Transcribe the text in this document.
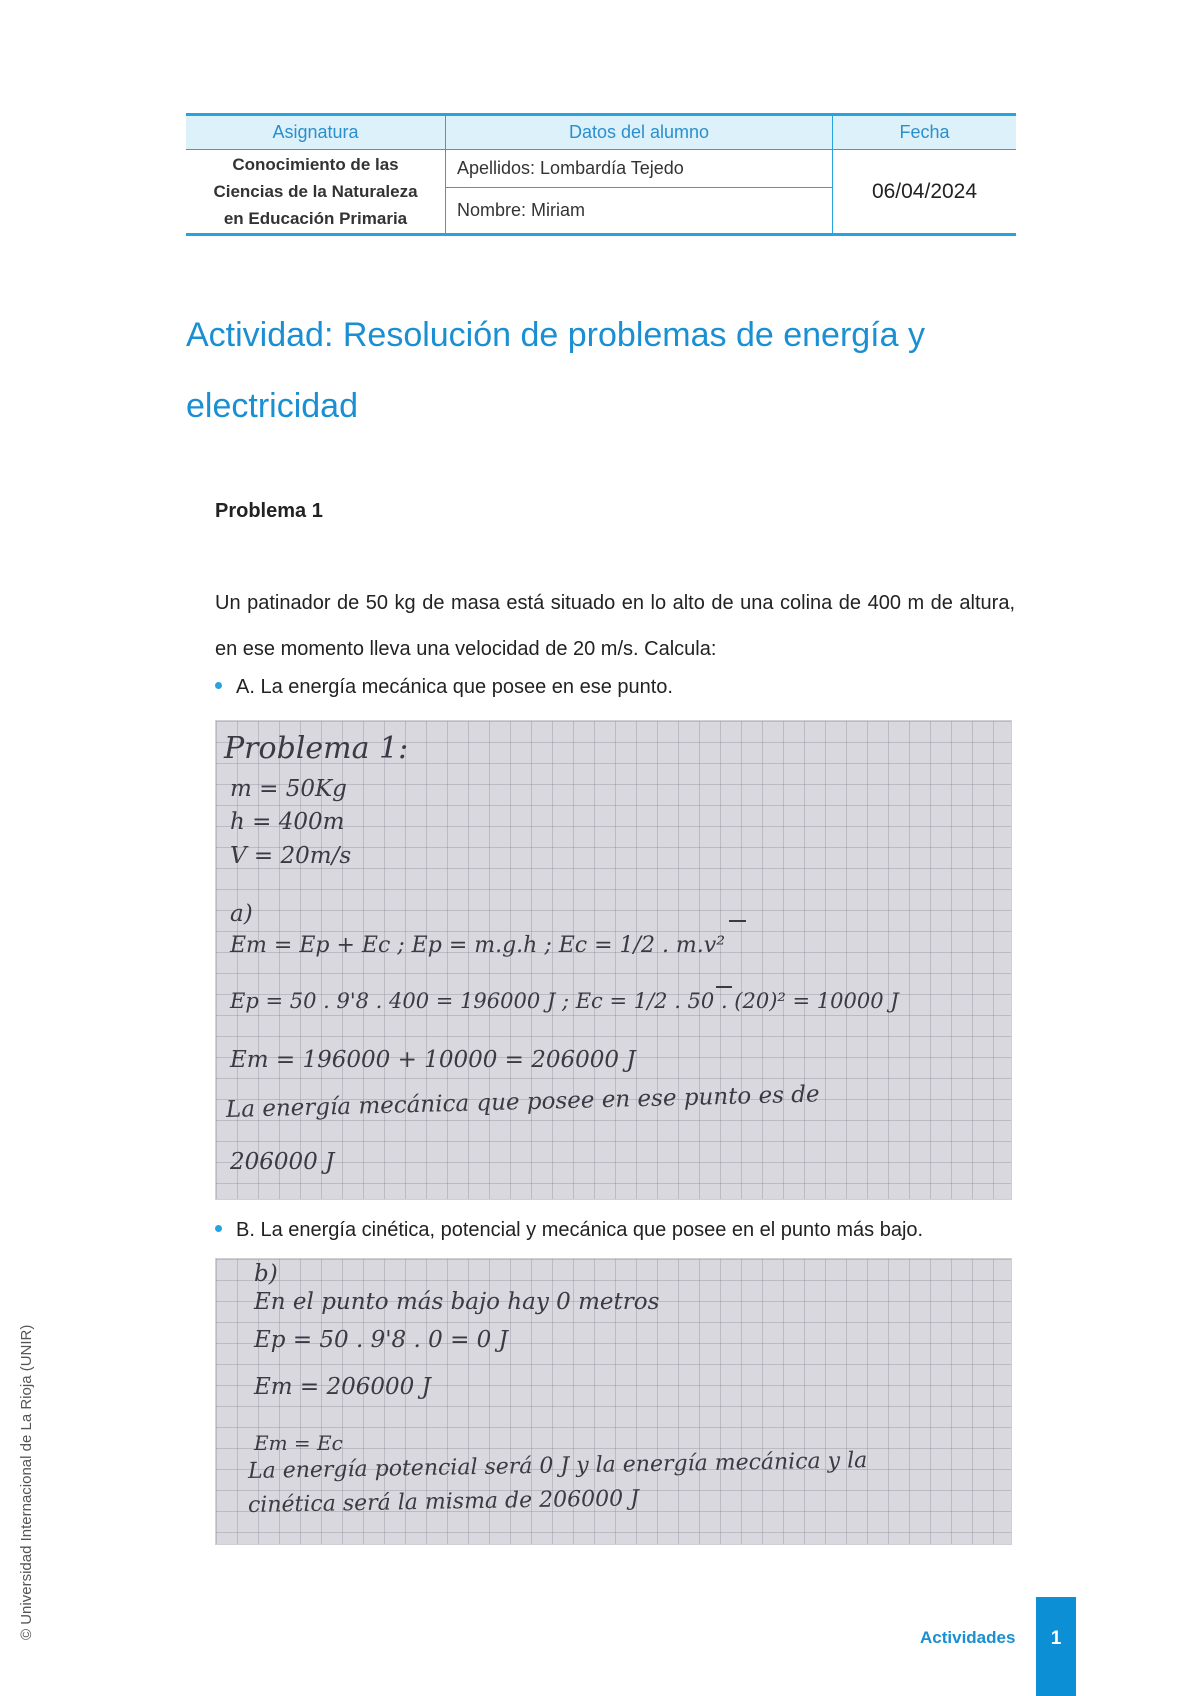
Asignatura	Datos del alumno	Fecha

Conocimiento de las
Ciencias de la Naturaleza
en Educación Primaria	Apellidos: Lombardía Tejedo	06/04/2024
	Nombre: Miriam	
Actividad: Resolución de problemas de energía y electricidad
Problema 1

Un patinador de 50 kg de masa está situado en lo alto de una colina de 400 m de altura, en ese momento lleva una velocidad de 20 m/s. Calcula:

A. La energía mecánica que posee en ese punto.

Problema 1:
m = 50Kg
h = 400m
V = 20m/s
a)
Em = Ep + Ec ; Ep = m.g.h ; Ec = 1/2 . m.v²
Ep = 50 . 9'8 . 400 = 196000 J ; Ec = 1/2 . 50 . (20)² = 10000 J
Em = 196000 + 10000 = 206000 J
La energía mecánica que posee en ese punto es de
206000 J

B. La energía cinética, potencial y mecánica que posee en el punto más bajo.

b)
En el punto más bajo hay 0 metros
Ep = 50 . 9'8 . 0 = 0 J
Em = 206000 J
Em = Ec
La energía potencial será 0 J y la energía mecánica y la
cinética será la misma de 206000 J
© Universidad Internacional de La Rioja (UNIR)	Actividades	1
